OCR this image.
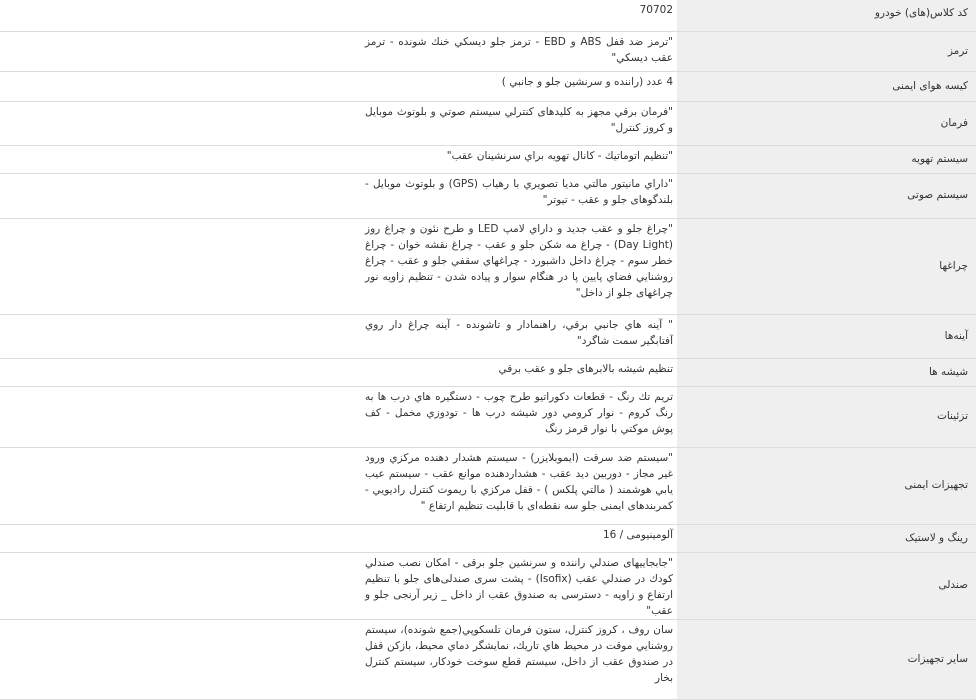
کد کلاس(های) خودرو	70702

ترمز	"ترمز ضد قفل ABS و EBD - ترمز جلو ديسکي خنك شونده - ترمز عقب ديسکي"

کیسه هوای ایمنی	4 عدد (راننده و سرنشين جلو و جانبي )

فرمان	"فرمان برقي مجهز به کلیدهای کنترلي سيستم صوتي و بلوتوث موبايل و کروز کنترل"

سیستم تهویه	"تنظيم اتوماتيك - کانال تهويه براي سرنشينان عقب"

سیستم صوتی	"داراي مانيتور مالتي مديا تصويري با رهياب (GPS) و بلوتوث موبايل - بلندگوهای جلو و عقب - تیوتر"

چراغها	"چراغ جلو و عقب جديد و داراي لامپ LED و طرح نئون و چراغ روز (Day Light) - چراغ مه شکن جلو و عقب - چراغ نقشه خوان - چراغ خطر سوم - چراغ داخل داشبورد - چراغهاي سقفي جلو و عقب - چراغ روشنايي فضاي پايين پا در هنگام سوار و پياده شدن - تنظيم زاويه نور چراغهای جلو از داخل"

آینه‌ها	" آينه هاي جانبي برقي، راهنمادار و تاشونده - آينه چراغ دار روي آفتابگير سمت شاگرد"

شیشه ها	تنظيم شيشه بالابرهای جلو و عقب برقي

تزئینات	تريم تك رنگ - قطعات دكوراتيو طرح چوب - دستگيره هاي درب ها به رنگ كروم - نوار كرومي دور شيشه درب ها - تودوزي مخمل - كف پوش موكتي با نوار قرمز رنگ

تجهیزات ایمنی	"سيستم ضد سرقت (ايموبلايزر) - سيستم هشدار دهنده مرکزي ورود غير مجاز - دوربين ديد عقب - هشداردهنده موانع عقب - سيستم عيب يابي هوشمند ( مالتي پلکس ) - قفل مرکزي با ريموت کنترل راديويي - کمربندهای ایمنی جلو سه نقطه‌ای با قابلیت تنظیم ارتفاع "

رینگ و لاستیک	آلومينيومی / 16

صندلی	"جابجاییهای صندلي راننده و سرنشين جلو برقی - امکان نصب صندلي کودك در صندلي عقب (Isofix) - پشت سری صندلی‌های جلو با تنظیم ارتفاع و زاویه - دسترسی به صندوق عقب از داخل _ زیر آرنجی جلو و عقب"

سایر تجهیزات	سان روف ، کروز کنترل، ستون فرمان تلسکوپي(جمع شونده)، سيستم روشنايي موقت در محيط هاي تاريك، نمايشگر دماي محيط، بازكن قفل در صندوق عقب از داخل، سيستم قطع سوخت خودکار، سيستم کنترل بخار
